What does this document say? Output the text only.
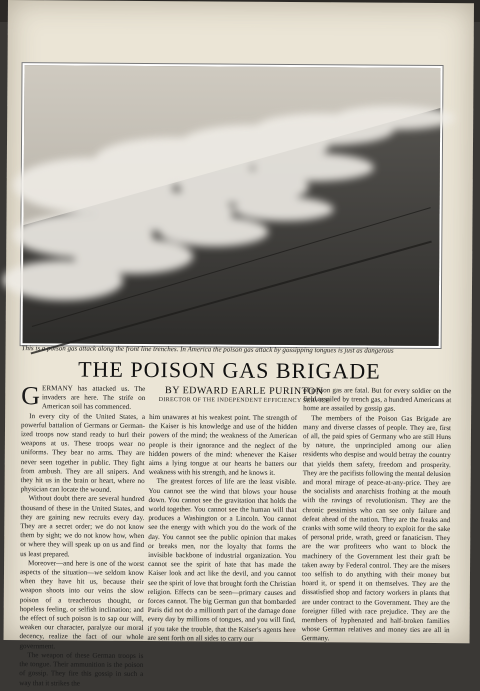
This is a poison gas attack along the front line trenches. In America the poison gas attack by gossipping tongues is just as dangerous
THE POISON GAS BRIGADE

GERMANY has attacked us. The invaders are here. The strife on American soil has commenced.

In every city of the United States, a powerful battalion of Germans or German-ized troops now stand ready to hurl their weapons at us. These troops wear no uniforms. They bear no arms. They are never seen together in public. They fight from ambush. They are all snipers. And they hit us in the brain or heart, where no physician can locate the wound.

Without doubt there are several hundred thousand of these in the United States, and they are gaining new recruits every day. They are a secret order; we do not know them by sight; we do not know how, when or where they will speak up on us and find us least prepared.

Moreover—and here is one of the worst aspects of the situation—we seldom know when they have hit us, because their weapon shoots into our veins the slow poison of a treacherous thought, or hopeless feeling, or selfish inclination; and the effect of such poison is to sap our will, weaken our character, paralyze our moral decency, realize the fact of our whole government.

The weapon of these German troops is the tongue. Their ammunition is the poison of gossip. They fire this gossip in such a way that it strikes the

BY EDWARD EARLE PURINTON
DIRECTOR OF THE INDEPENDENT EFFICIENCY SERVICE

him unawares at his weakest point. The strength of the Kaiser is his knowledge and use of the hidden powers of the mind; the weakness of the American people is their ignorance and the neglect of the hidden powers of the mind: whenever the Kaiser aims a lying tongue at our hearts he batters our weakness with his strength, and he knows it.

The greatest forces of life are the least visible. You cannot see the wind that blows your house down. You cannot see the gravitation that holds the world together. You cannot see the human will that produces a Washington or a Lincoln. You cannot see the energy with which you do the work of the day. You cannot see the public opinion that makes or breaks men, nor the loyalty that forms the invisible backbone of industrial organization. You cannot see the spirit of hate that has made the Kaiser look and act like the devil, and you cannot see the spirit of love that brought forth the Christian religion. Effects can be seen—primary causes and forces cannot. The big German gun that bombarded Paris did not do a millionth part of the damage done every day by millions of tongues, and you will find, if you take the trouble, that the Kaiser's agents here are sent forth on all sides to carry our

of poison gas are fatal. But for every soldier on the field assailed by trench gas, a hundred Americans at home are assailed by gossip gas.

The members of the Poison Gas Brigade are many and diverse classes of people. They are, first of all, the paid spies of Germany who are still Huns by nature, the unprincipled among our alien residents who despise and would betray the country that yields them safety, freedom and prosperity. They are the pacifists following the mental delusion and moral mirage of peace-at-any-price. They are the socialists and anarchists frothing at the mouth with the ravings of revolutionism. They are the chronic pessimists who can see only failure and defeat ahead of the nation. They are the freaks and cranks with some wild theory to exploit for the sake of personal pride, wrath, greed or fanaticism. They are the war profiteers who want to block the machinery of the Government lest their graft be taken away by Federal control. They are the misers too selfish to do anything with their money but hoard it, or spend it on themselves. They are the dissatisfied shop and factory workers in plants that are under contract to the Government. They are the foreigner filled with race prejudice. They are the members of hyphenated and half-broken families whose German relatives and money ties are all in Germany.
